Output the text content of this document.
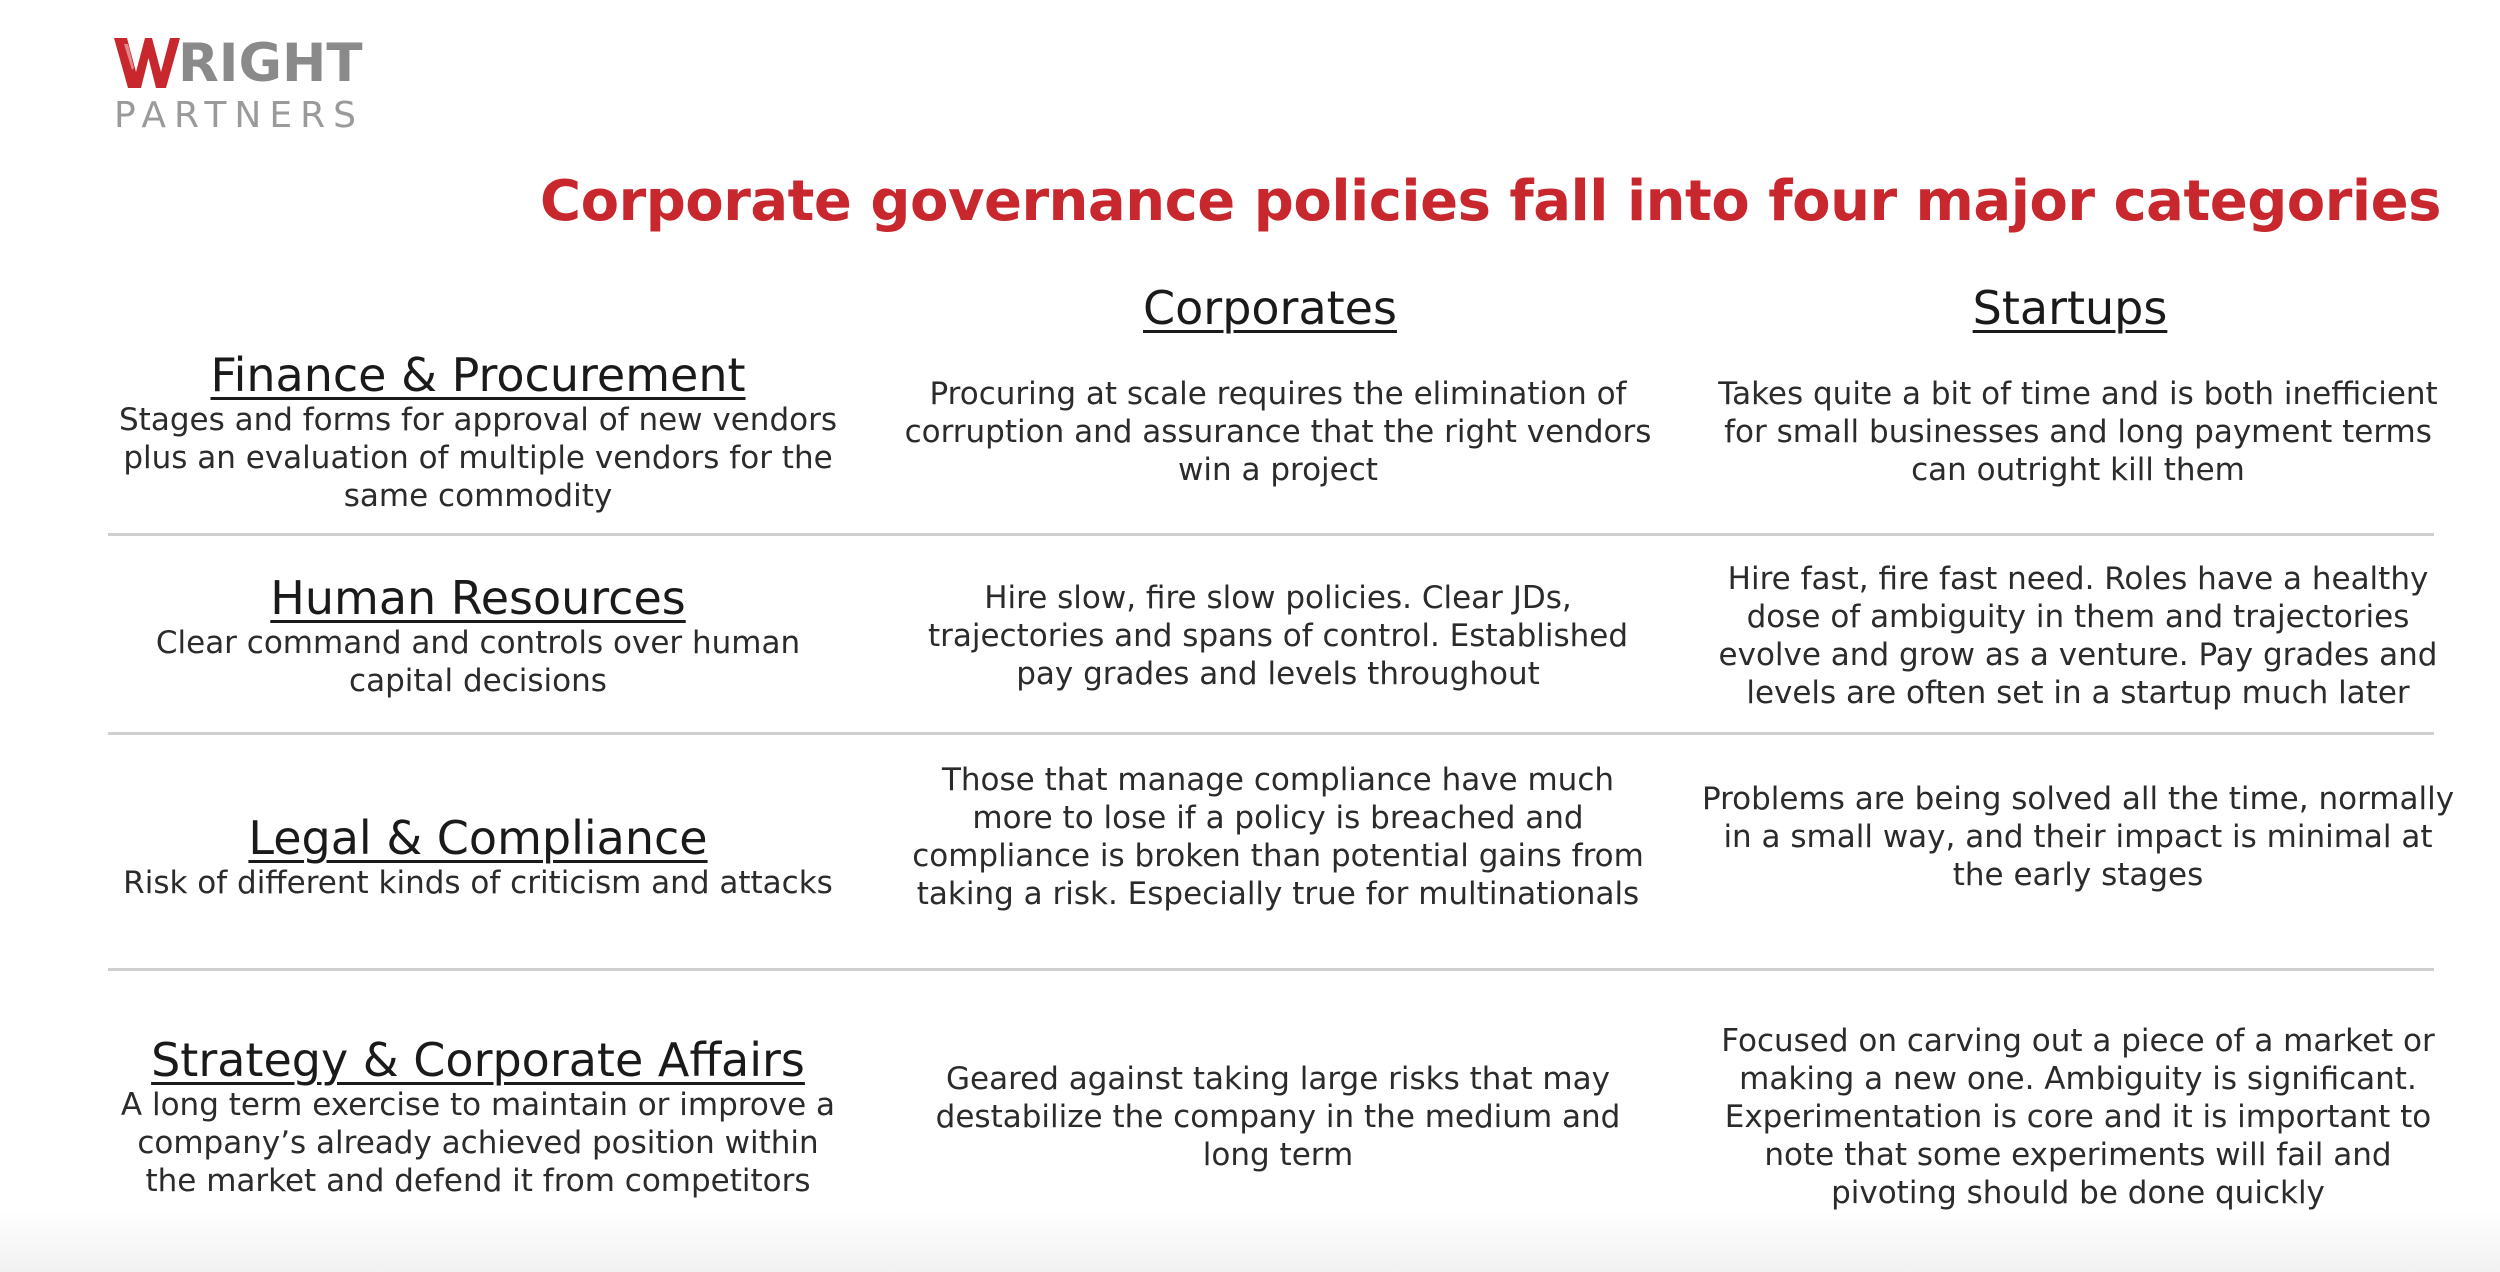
RIGHT
PARTNERS
Corporate governance policies fall into four major categories
Corporates	Startups

Finance & Procurement

Stages and forms for approval of new vendors plus an evaluation of multiple vendors for the same commodity

Procuring at scale requires the elimination of corruption and assurance that the right vendors win a project

Takes quite a bit of time and is both inefficient for small businesses and long payment terms can outright kill them

Human Resources

Clear command and controls over human capital decisions

Hire slow, fire slow policies. Clear JDs, trajectories and spans of control. Established pay grades and levels throughout

Hire fast, fire fast need. Roles have a healthy dose of ambiguity in them and trajectories evolve and grow as a venture. Pay grades and levels are often set in a startup much later

Legal & Compliance

Risk of different kinds of criticism and attacks

Those that manage compliance have much more to lose if a policy is breached and compliance is broken than potential gains from taking a risk. Especially true for multinationals

Problems are being solved all the time, normally in a small way, and their impact is minimal at the early stages

Strategy & Corporate Affairs

A long term exercise to maintain or improve a company’s already achieved position within the market and defend it from competitors

Geared against taking large risks that may destabilize the company in the medium and long term

Focused on carving out a piece of a market or making a new one. Ambiguity is significant. Experimentation is core and it is important to note that some experiments will fail and pivoting should be done quickly
